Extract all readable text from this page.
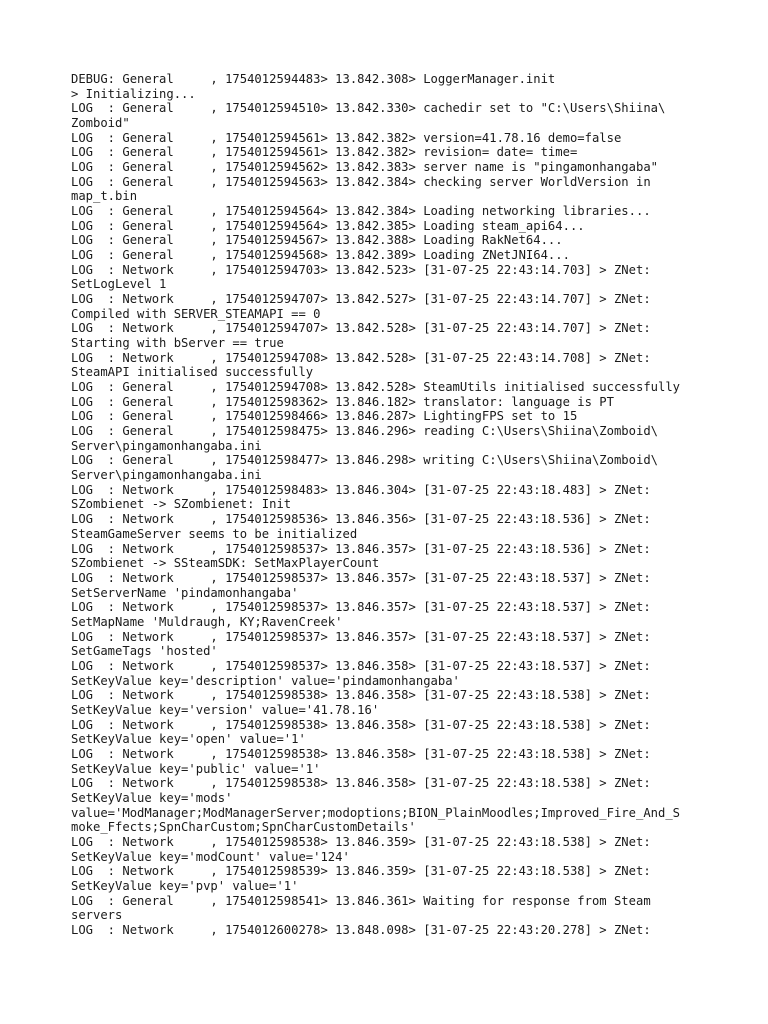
DEBUG: General     , 1754012594483> 13.842.308> LoggerManager.init
> Initializing...
LOG  : General     , 1754012594510> 13.842.330> cachedir set to "C:\Users\Shiina\
Zomboid"
LOG  : General     , 1754012594561> 13.842.382> version=41.78.16 demo=false
LOG  : General     , 1754012594561> 13.842.382> revision= date= time=
LOG  : General     , 1754012594562> 13.842.383> server name is "pingamonhangaba"
LOG  : General     , 1754012594563> 13.842.384> checking server WorldVersion in
map_t.bin
LOG  : General     , 1754012594564> 13.842.384> Loading networking libraries...
LOG  : General     , 1754012594564> 13.842.385> Loading steam_api64...
LOG  : General     , 1754012594567> 13.842.388> Loading RakNet64...
LOG  : General     , 1754012594568> 13.842.389> Loading ZNetJNI64...
LOG  : Network     , 1754012594703> 13.842.523> [31-07-25 22:43:14.703] > ZNet:
SetLogLevel 1
LOG  : Network     , 1754012594707> 13.842.527> [31-07-25 22:43:14.707] > ZNet:
Compiled with SERVER_STEAMAPI == 0
LOG  : Network     , 1754012594707> 13.842.528> [31-07-25 22:43:14.707] > ZNet:
Starting with bServer == true
LOG  : Network     , 1754012594708> 13.842.528> [31-07-25 22:43:14.708] > ZNet:
SteamAPI initialised successfully
LOG  : General     , 1754012594708> 13.842.528> SteamUtils initialised successfully
LOG  : General     , 1754012598362> 13.846.182> translator: language is PT
LOG  : General     , 1754012598466> 13.846.287> LightingFPS set to 15
LOG  : General     , 1754012598475> 13.846.296> reading C:\Users\Shiina\Zomboid\
Server\pingamonhangaba.ini
LOG  : General     , 1754012598477> 13.846.298> writing C:\Users\Shiina\Zomboid\
Server\pingamonhangaba.ini
LOG  : Network     , 1754012598483> 13.846.304> [31-07-25 22:43:18.483] > ZNet:
SZombienet -> SZombienet: Init
LOG  : Network     , 1754012598536> 13.846.356> [31-07-25 22:43:18.536] > ZNet:
SteamGameServer seems to be initialized
LOG  : Network     , 1754012598537> 13.846.357> [31-07-25 22:43:18.536] > ZNet:
SZombienet -> SSteamSDK: SetMaxPlayerCount
LOG  : Network     , 1754012598537> 13.846.357> [31-07-25 22:43:18.537] > ZNet:
SetServerName 'pindamonhangaba'
LOG  : Network     , 1754012598537> 13.846.357> [31-07-25 22:43:18.537] > ZNet:
SetMapName 'Muldraugh, KY;RavenCreek'
LOG  : Network     , 1754012598537> 13.846.357> [31-07-25 22:43:18.537] > ZNet:
SetGameTags 'hosted'
LOG  : Network     , 1754012598537> 13.846.358> [31-07-25 22:43:18.537] > ZNet:
SetKeyValue key='description' value='pindamonhangaba'
LOG  : Network     , 1754012598538> 13.846.358> [31-07-25 22:43:18.538] > ZNet:
SetKeyValue key='version' value='41.78.16'
LOG  : Network     , 1754012598538> 13.846.358> [31-07-25 22:43:18.538] > ZNet:
SetKeyValue key='open' value='1'
LOG  : Network     , 1754012598538> 13.846.358> [31-07-25 22:43:18.538] > ZNet:
SetKeyValue key='public' value='1'
LOG  : Network     , 1754012598538> 13.846.358> [31-07-25 22:43:18.538] > ZNet:
SetKeyValue key='mods'
value='ModManager;ModManagerServer;modoptions;BION_PlainMoodles;Improved_Fire_And_S
moke_Ffects;SpnCharCustom;SpnCharCustomDetails'
LOG  : Network     , 1754012598538> 13.846.359> [31-07-25 22:43:18.538] > ZNet:
SetKeyValue key='modCount' value='124'
LOG  : Network     , 1754012598539> 13.846.359> [31-07-25 22:43:18.538] > ZNet:
SetKeyValue key='pvp' value='1'
LOG  : General     , 1754012598541> 13.846.361> Waiting for response from Steam
servers
LOG  : Network     , 1754012600278> 13.848.098> [31-07-25 22:43:20.278] > ZNet:
